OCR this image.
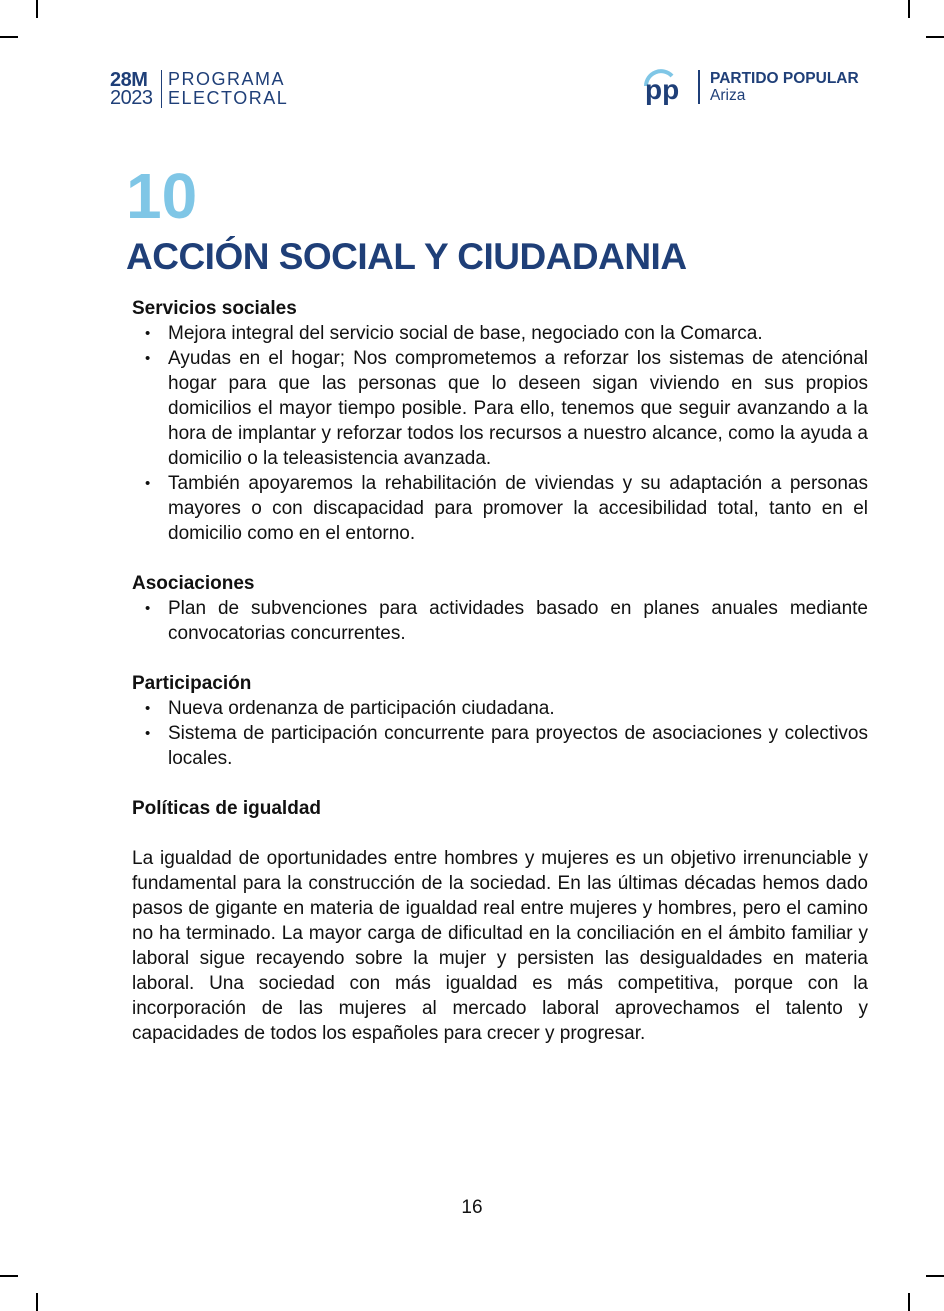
28M
2023
PROGRAMA
ELECTORAL	pp PARTIDO POPULAR
Ariza
10
ACCIÓN SOCIAL Y CIUDADANIA
Servicios sociales
• Mejora integral del servicio social de base, negociado con la Comarca.
• Ayudas en el hogar; Nos comprometemos a reforzar los sistemas de atenciónal hogar para que las personas que lo deseen sigan viviendo en sus propios domicilios el mayor tiempo posible. Para ello, tenemos que seguir avanzando a la hora de implantar y reforzar todos los recursos a nuestro alcance, como la ayuda a domicilio o la teleasistencia avanzada.
• También apoyaremos la rehabilitación de viviendas y su adaptación a personas mayores o con discapacidad para promover la accesibilidad total, tanto en el domicilio como en el entorno.
Asociaciones
• Plan de subvenciones para actividades basado en planes anuales mediante convocatorias concurrentes.
Participación
• Nueva ordenanza de participación ciudadana.
• Sistema de participación concurrente para proyectos de asociaciones y colectivos locales.
Políticas de igualdad
La igualdad de oportunidades entre hombres y mujeres es un objetivo irrenunciable y fundamental para la construcción de la sociedad. En las últimas décadas hemos dado pasos de gigante en materia de igualdad real entre mujeres y hombres, pero el camino no ha terminado. La mayor carga de dificultad en la conciliación en el ámbito familiar y laboral sigue recayendo sobre la mujer y persisten las desigualdades en materia laboral. Una sociedad con más igualdad es más competitiva, porque con la incorporación de las mujeres al mercado laboral aprovechamos el talento y capacidades de todos los españoles para crecer y progresar.
16
